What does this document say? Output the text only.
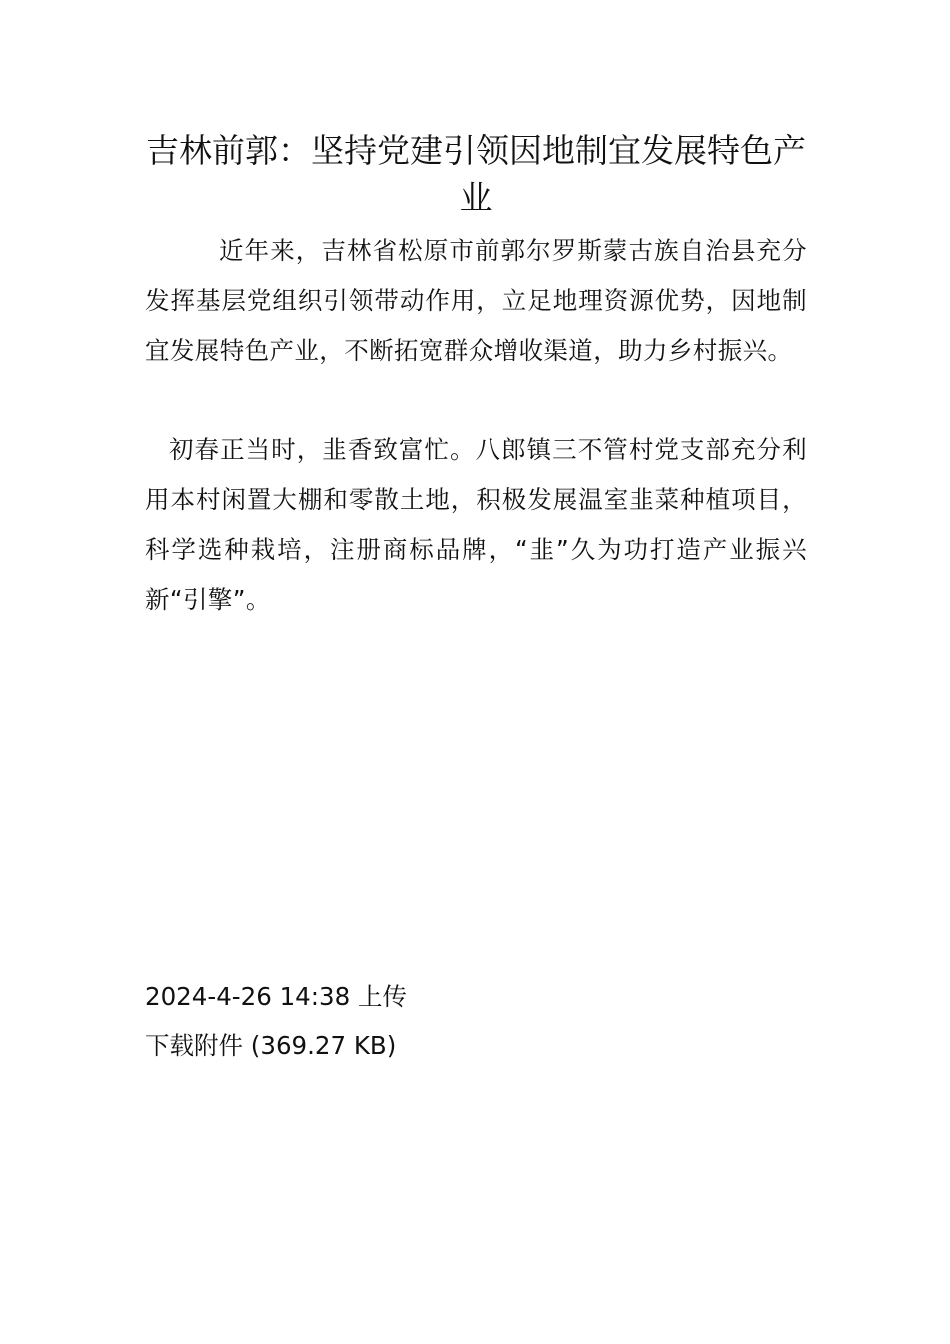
吉林前郭：坚持党建引领因地制宜发展特色产业

近年来，吉林省松原市前郭尔罗斯蒙古族自治县充分发挥基层党组织引领带动作用，立足地理资源优势，因地制宜发展特色产业，不断拓宽群众增收渠道，助力乡村振兴。

初春正当时，韭香致富忙。八郎镇三不管村党支部充分利用本村闲置大棚和零散土地，积极发展温室韭菜种植项目，科学选种栽培，注册商标品牌，“韭”久为功打造产业振兴新“引擎”。

2024-4-26 14:38 上传

下载附件 (369.27 KB)
